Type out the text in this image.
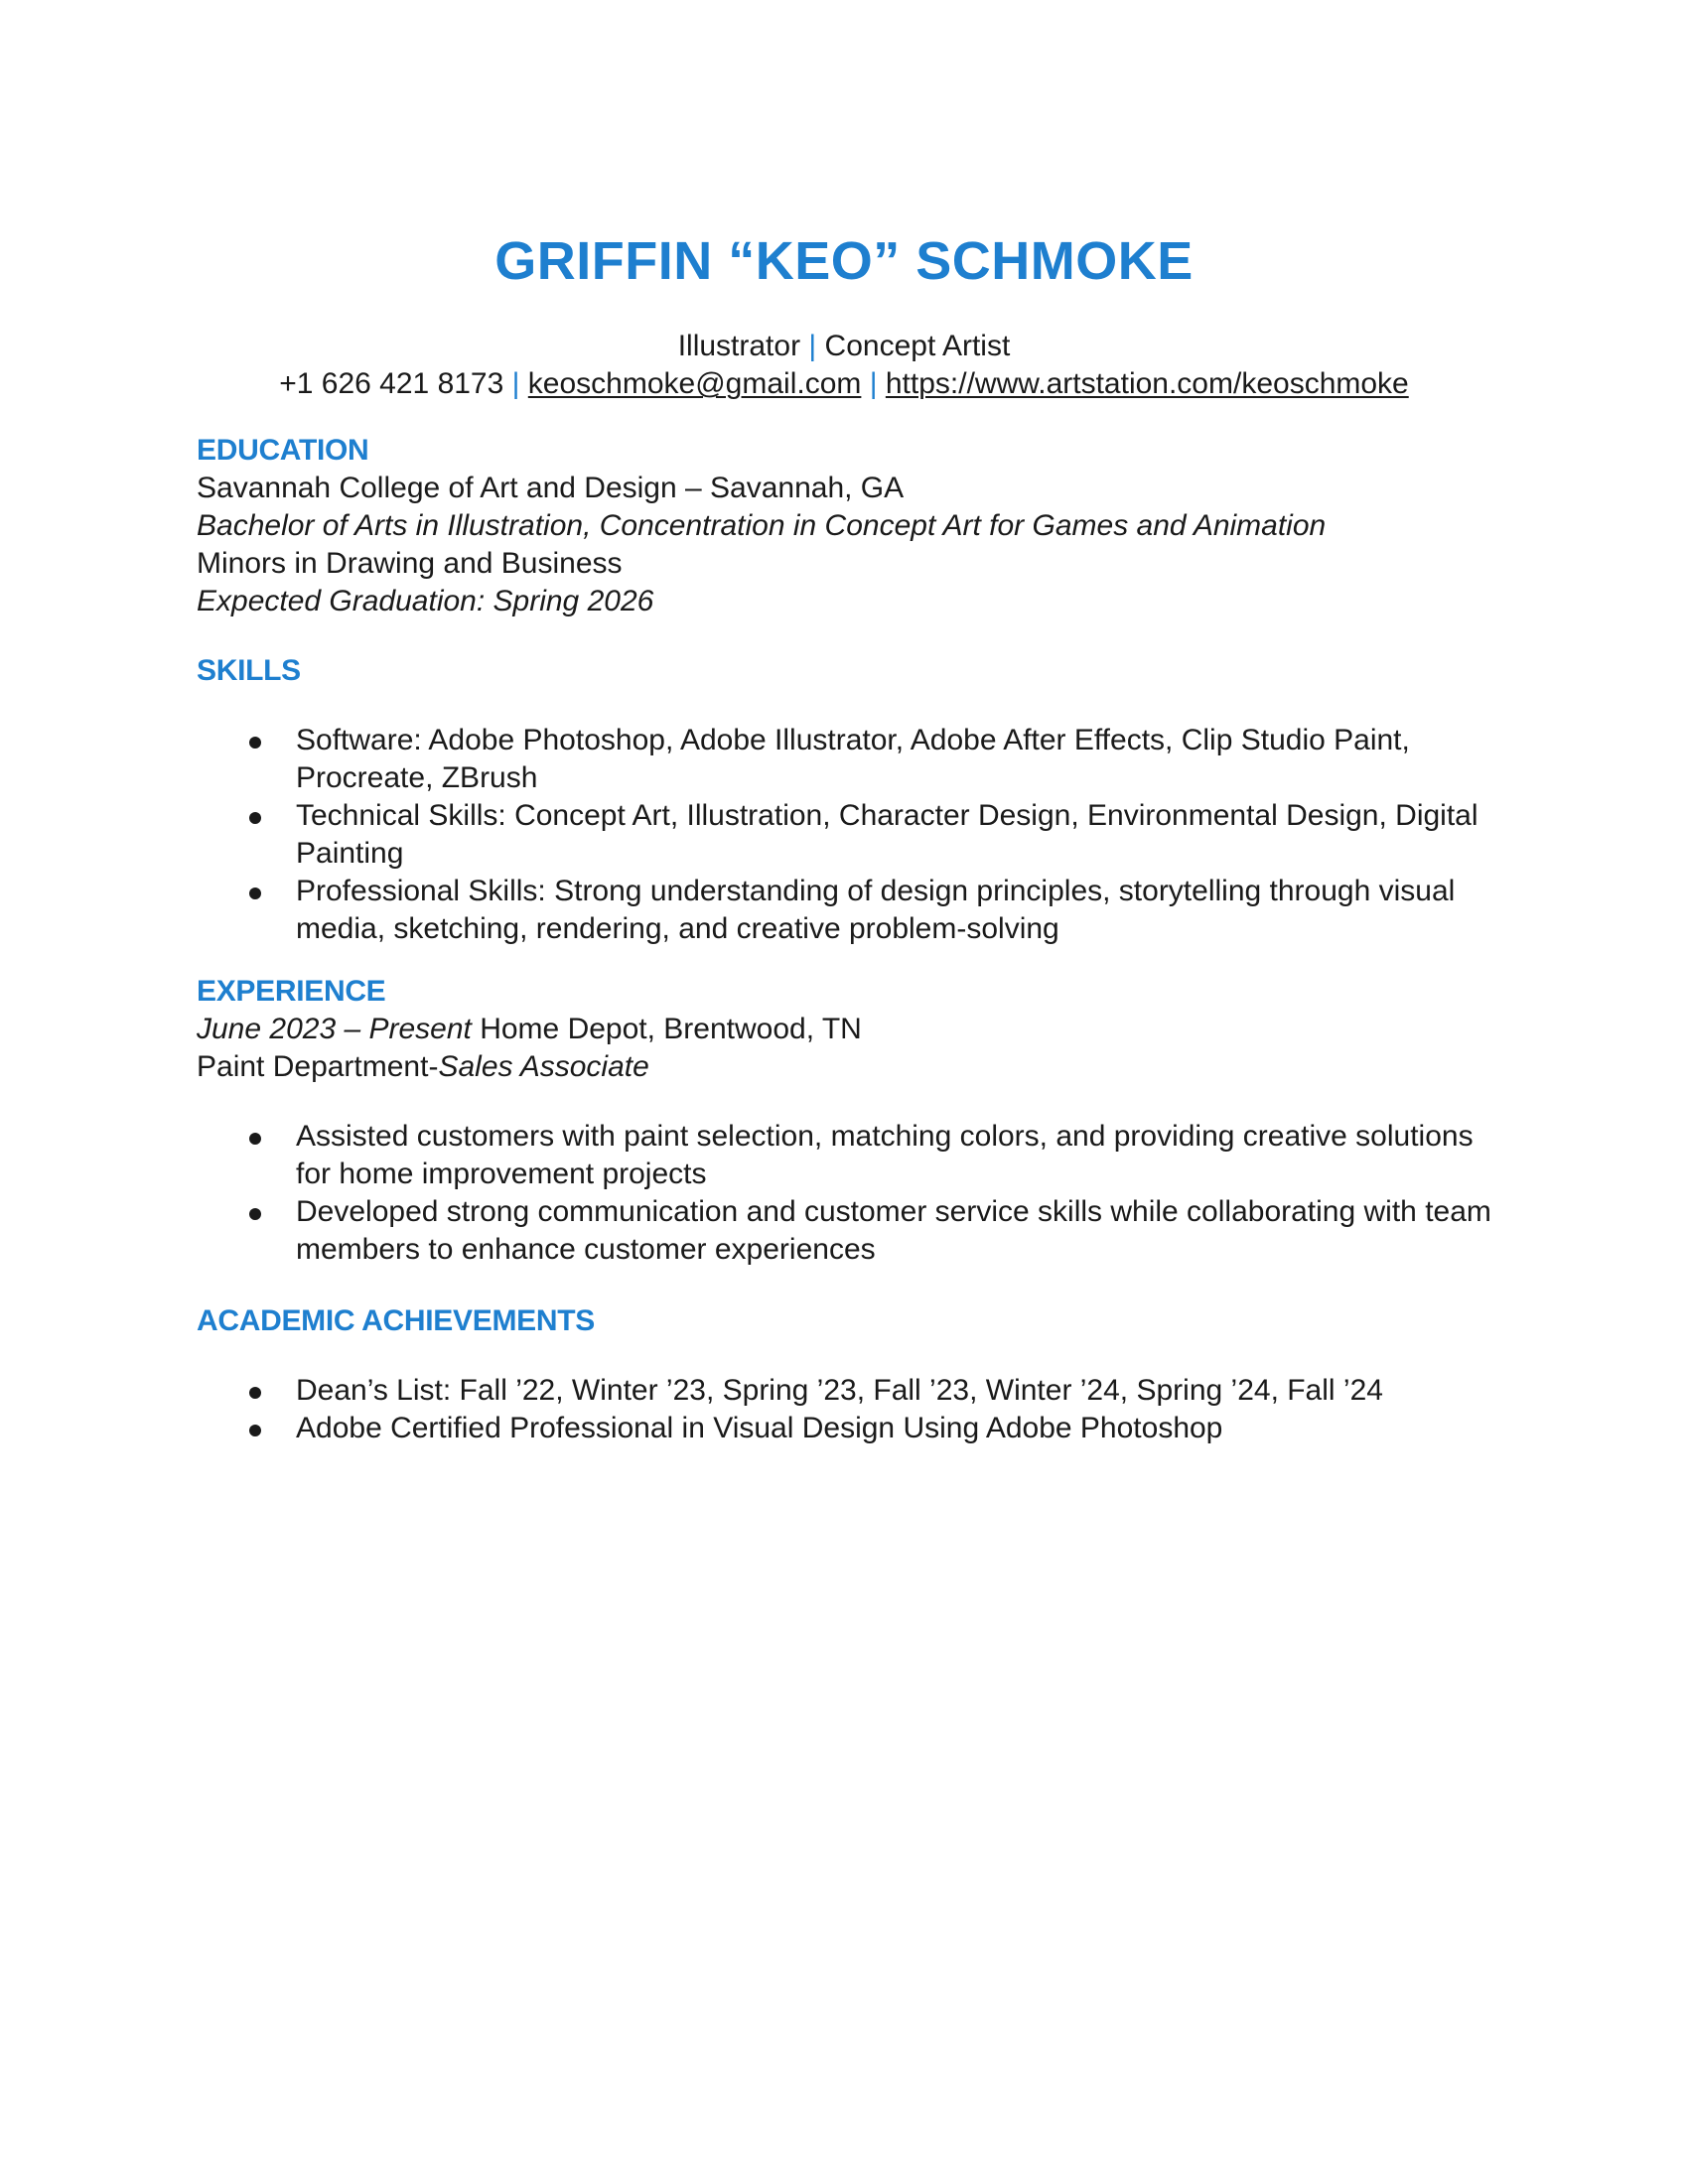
GRIFFIN “KEO” SCHMOKE
Illustrator | Concept Artist
+1 626 421 8173 | keoschmoke@gmail.com | https://www.artstation.com/keoschmoke
EDUCATION

Savannah College of Art and Design – Savannah, GA

Bachelor of Arts in Illustration, Concentration in Concept Art for Games and Animation

Minors in Drawing and Business

Expected Graduation: Spring 2026

SKILLS
Software: Adobe Photoshop, Adobe Illustrator, Adobe After Effects, Clip Studio Paint, Procreate, ZBrush
Technical Skills: Concept Art, Illustration, Character Design, Environmental Design, Digital Painting
Professional Skills: Strong understanding of design principles, storytelling through visual media, sketching, rendering, and creative problem-solving
EXPERIENCE

June 2023 – Present Home Depot, Brentwood, TN

Paint Department-Sales Associate

Assisted customers with paint selection, matching colors, and providing creative solutions for home improvement projects
Developed strong communication and customer service skills while collaborating with team members to enhance customer experiences
ACADEMIC ACHIEVEMENTS
Dean’s List: Fall ’22, Winter ’23, Spring ’23, Fall ’23, Winter ’24, Spring ’24, Fall ’24
Adobe Certified Professional in Visual Design Using Adobe Photoshop
